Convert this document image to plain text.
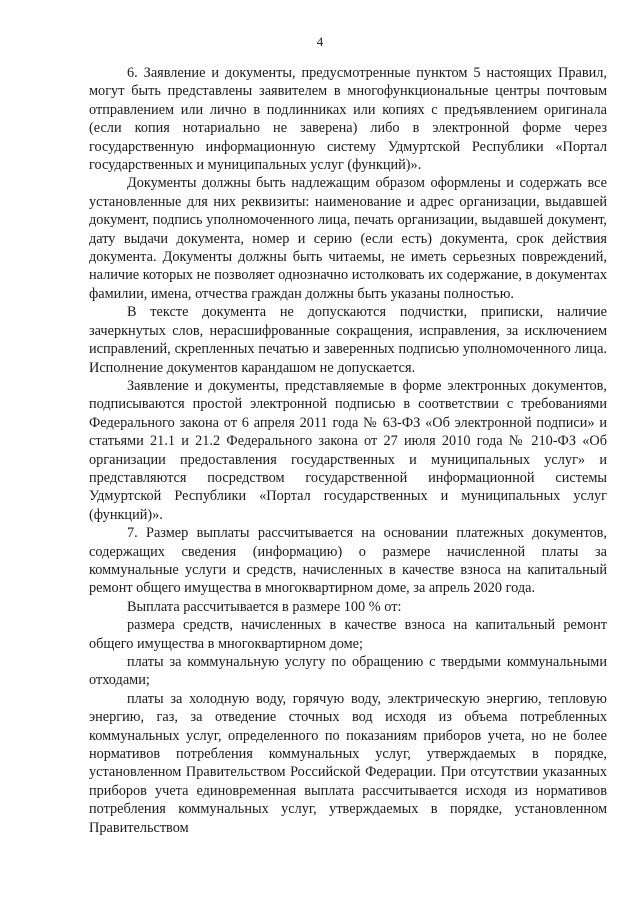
4

6. Заявление и документы, предусмотренные пунктом 5 настоящих Правил, могут быть представлены заявителем в многофункциональные центры почтовым отправлением или лично в подлинниках или копиях с предъявлением оригинала (если копия нотариально не заверена) либо в электронной форме через государственную информационную систему Удмуртской Республики «Портал государственных и муниципальных услуг (функций)».

Документы должны быть надлежащим образом оформлены и содержать все установленные для них реквизиты: наименование и адрес организации, выдавшей документ, подпись уполномоченного лица, печать организации, выдавшей документ, дату выдачи документа, номер и серию (если есть) документа, срок действия документа. Документы должны быть читаемы, не иметь серьезных повреждений, наличие которых не позволяет однозначно истолковать их содержание, в документах фамилии, имена, отчества граждан должны быть указаны полностью.

В тексте документа не допускаются подчистки, приписки, наличие зачеркнутых слов, нерасшифрованные сокращения, исправления, за исключением исправлений, скрепленных печатью и заверенных подписью уполномоченного лица. Исполнение документов карандашом не допускается.

Заявление и документы, представляемые в форме электронных документов, подписываются простой электронной подписью в соответствии с требованиями Федерального закона от 6 апреля 2011 года № 63-ФЗ «Об электронной подписи» и статьями 21.1 и 21.2 Федерального закона от 27 июля 2010 года № 210-ФЗ «Об организации предоставления государственных и муниципальных услуг» и представляются посредством государственной информационной системы Удмуртской Республики «Портал государственных и муниципальных услуг (функций)».

7. Размер выплаты рассчитывается на основании платежных документов, содержащих сведения (информацию) о размере начисленной платы за коммунальные услуги и средств, начисленных в качестве взноса на капитальный ремонт общего имущества в многоквартирном доме, за апрель 2020 года.

Выплата рассчитывается в размере 100 % от:

размера средств, начисленных в качестве взноса на капитальный ремонт общего имущества в многоквартирном доме;

платы за коммунальную услугу по обращению с твердыми коммунальными отходами;

платы за холодную воду, горячую воду, электрическую энергию, тепловую энергию, газ, за отведение сточных вод исходя из объема потребленных коммунальных услуг, определенного по показаниям приборов учета, но не более нормативов потребления коммунальных услуг, утверждаемых в порядке, установленном Правительством Российской Федерации. При отсутствии указанных приборов учета единовременная выплата рассчитывается исходя из нормативов потребления коммунальных услуг, утверждаемых в порядке, установленном Правительством
